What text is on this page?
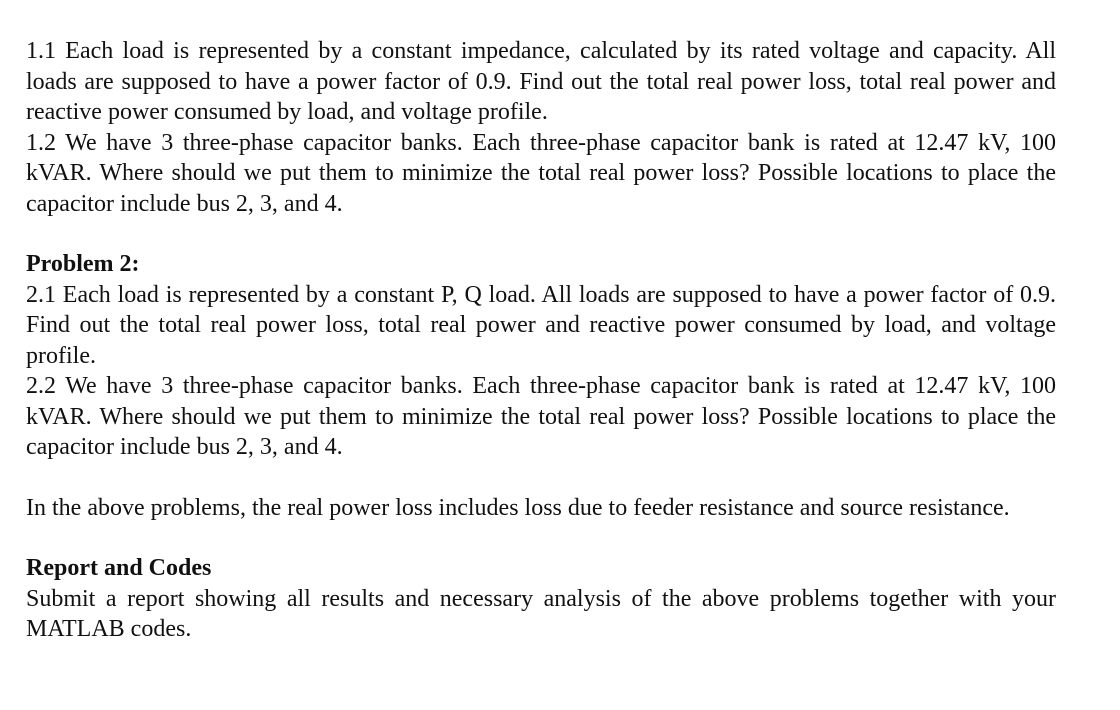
1.1 Each load is represented by a constant impedance, calculated by its rated voltage and capacity. All loads are supposed to have a power factor of 0.9. Find out the total real power loss, total real power and reactive power consumed by load, and voltage profile.

1.2 We have 3 three-phase capacitor banks. Each three-phase capacitor bank is rated at 12.47 kV, 100 kVAR. Where should we put them to minimize the total real power loss? Possible locations to place the capacitor include bus 2, 3, and 4.

Problem 2:

2.1 Each load is represented by a constant P, Q load. All loads are supposed to have a power factor of 0.9. Find out the total real power loss, total real power and reactive power consumed by load, and voltage profile.

2.2 We have 3 three-phase capacitor banks. Each three-phase capacitor bank is rated at 12.47 kV, 100 kVAR. Where should we put them to minimize the total real power loss? Possible locations to place the capacitor include bus 2, 3, and 4.

In the above problems, the real power loss includes loss due to feeder resistance and source resistance.

Report and Codes

Submit a report showing all results and necessary analysis of the above problems together with your MATLAB codes.
